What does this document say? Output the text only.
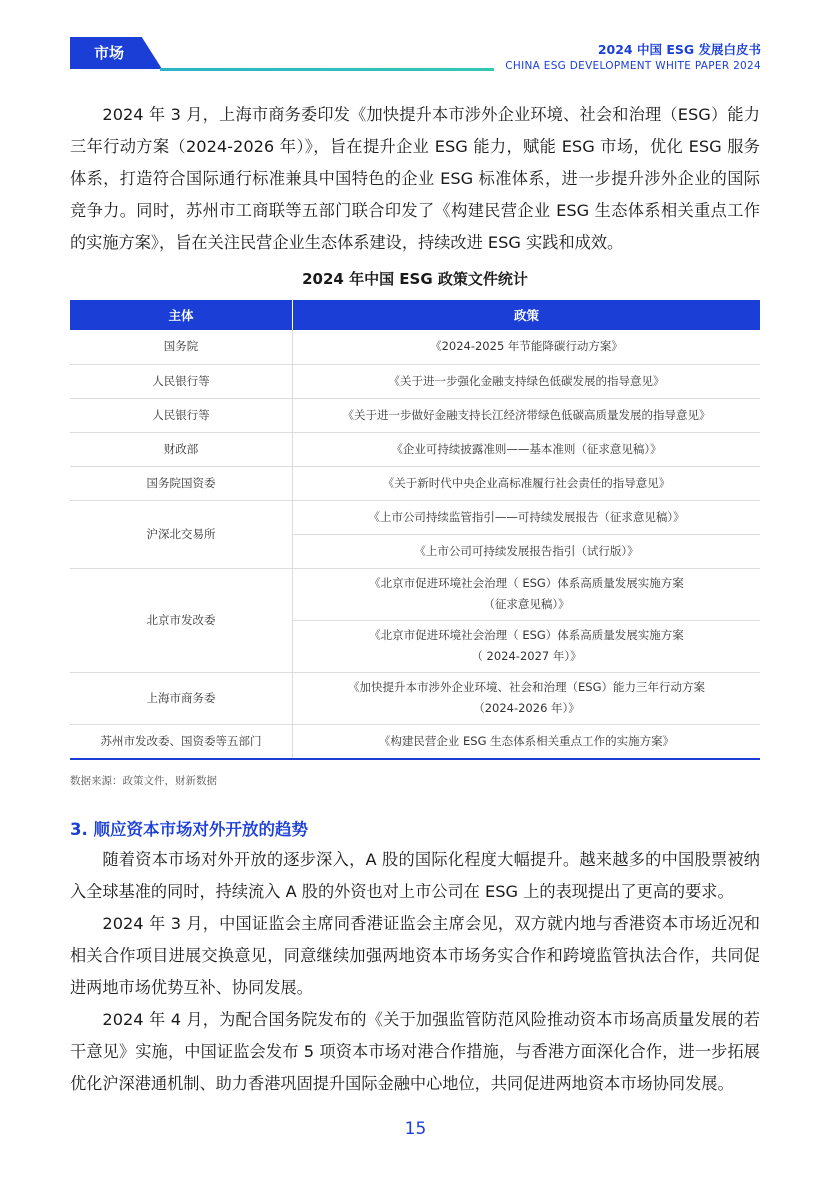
市场	2024 中国 ESG 发展白皮书
CHINA ESG DEVELOPMENT WHITE PAPER 2024

2024 年 3 月，上海市商务委印发《加快提升本市涉外企业环境、社会和治理（ESG）能力三年行动方案（2024-2026 年）》，旨在提升企业 ESG 能力，赋能 ESG 市场，优化 ESG 服务体系，打造符合国际通行标准兼具中国特色的企业 ESG 标准体系，进一步提升涉外企业的国际竞争力。同时，苏州市工商联等五部门联合印发了《构建民营企业 ESG 生态体系相关重点工作的实施方案》，旨在关注民营企业生态体系建设，持续改进 ESG 实践和成效。

2024 年中国 ESG 政策文件统计
主体	政策
国务院	《2024-2025 年节能降碳行动方案》
人民银行等	《关于进一步强化金融支持绿色低碳发展的指导意见》
人民银行等	《关于进一步做好金融支持长江经济带绿色低碳高质量发展的指导意见》
财政部	《企业可持续披露准则——基本准则（征求意见稿）》
国务院国资委	《关于新时代中央企业高标准履行社会责任的指导意见》
沪深北交易所	《上市公司持续监管指引——可持续发展报告（征求意见稿）》
	《上市公司可持续发展报告指引（试行版）》
北京市发改委	《北京市促进环境社会治理（ ESG）体系高质量发展实施方案
（征求意见稿）》

	《北京市促进环境社会治理（ ESG）体系高质量发展实施方案
（ 2024-2027 年）》

上海市商务委	《加快提升本市涉外企业环境、社会和治理（ESG）能力三年行动方案
（2024-2026 年）》

苏州市发改委、国资委等五部门	《构建民营企业 ESG 生态体系相关重点工作的实施方案》
数据来源：政策文件，财新数据
3. 顺应资本市场对外开放的趋势

随着资本市场对外开放的逐步深入，A 股的国际化程度大幅提升。越来越多的中国股票被纳入全球基准的同时，持续流入 A 股的外资也对上市公司在 ESG 上的表现提出了更高的要求。

2024 年 3 月，中国证监会主席同香港证监会主席会见，双方就内地与香港资本市场近况和相关合作项目进展交换意见，同意继续加强两地资本市场务实合作和跨境监管执法合作，共同促进两地市场优势互补、协同发展。

2024 年 4 月，为配合国务院发布的《关于加强监管防范风险推动资本市场高质量发展的若干意见》实施，中国证监会发布 5 项资本市场对港合作措施，与香港方面深化合作，进一步拓展优化沪深港通机制、助力香港巩固提升国际金融中心地位，共同促进两地资本市场协同发展。

15
